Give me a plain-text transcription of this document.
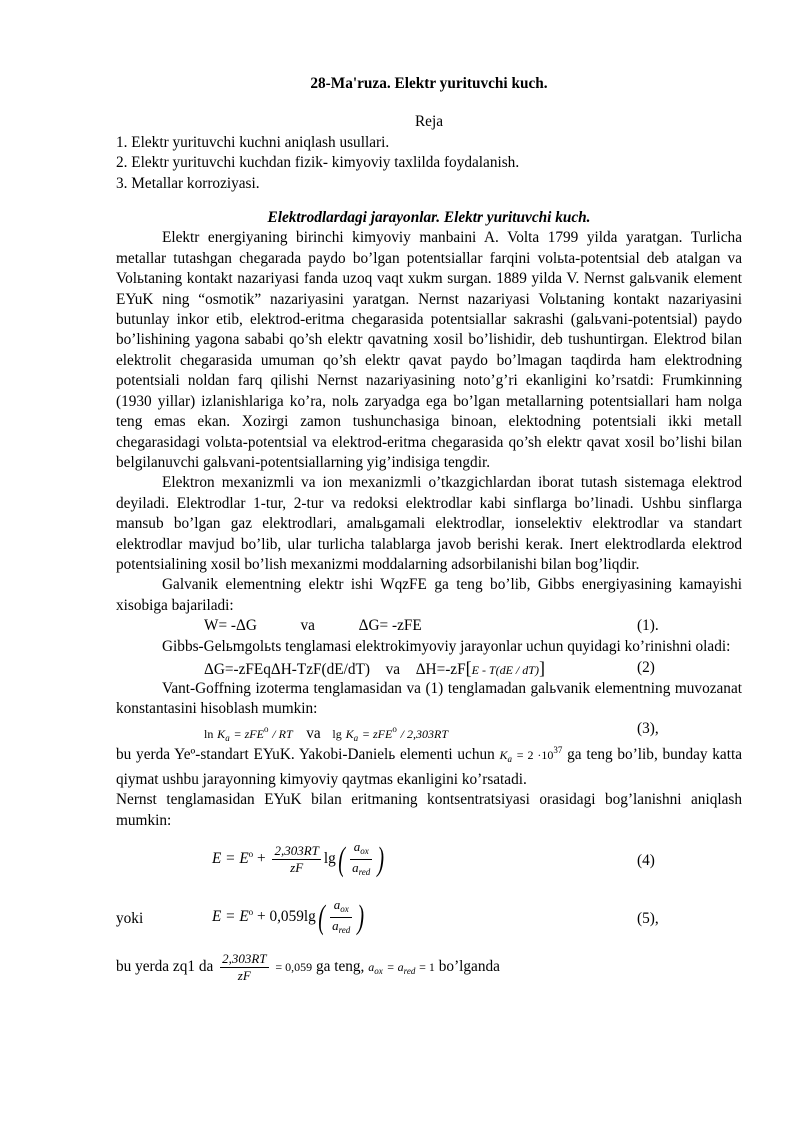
28-Ma'ruza. Elektr yurituvchi kuch.

Reja

1. Elektr yurituvchi kuchni aniqlash usullari.

2. Elektr yurituvchi kuchdan fizik- kimyoviy taxlilda foydalanish.

3. Metallar korroziyasi.

Elektrodlardagi jarayonlar. Elektr yurituvchi kuch.

Elektr energiyaning birinchi kimyoviy manbaini A. Volta 1799 yilda yaratgan. Turlicha metallar tutashgan chegarada paydo bo’lgan potentsiallar farqini volьta-potentsial deb atalgan va Volьtaning kontakt nazariyasi fanda uzoq vaqt xukm surgan. 1889 yilda V. Nernst galьvanik element EYuK ning “osmotik” nazariyasini yaratgan. Nernst nazariyasi Volьtaning kontakt nazariyasini butunlay inkor etib, elektrod-eritma chegarasida potentsiallar sakrashi (galьvani-potentsial) paydo bo’lishining yagona sababi qo’sh elektr qavatning xosil bo’lishidir, deb tushuntirgan. Elektrod bilan elektrolit chegarasida umuman qo’sh elektr qavat paydo bo’lmagan taqdirda ham elektrodning potentsiali noldan farq qilishi Nernst nazariyasining noto’g’ri ekanligini ko’rsatdi: Frumkinning (1930 yillar) izlanishlariga ko’ra, nolь zaryadga ega bo’lgan metallarning potentsiallari ham nolga teng emas ekan. Xozirgi zamon tushunchasiga binoan, elektodning potentsiali ikki metall chegarasidagi volьta-potentsial va elektrod-eritma chegarasida qo’sh elektr qavat xosil bo’lishi bilan belgilanuvchi galьvani-potentsiallarning yig’indisiga tengdir.

Elektron mexanizmli va ion mexanizmli o’tkazgichlardan iborat tutash sistemaga elektrod deyiladi. Elektrodlar 1-tur, 2-tur va redoksi elektrodlar kabi sinflarga bo’linadi. Ushbu sinflarga mansub bo’lgan gaz elektrodlari, amalьgamali elektrodlar, ionselektiv elektrodlar va standart elektrodlar mavjud bo’lib, ular turlicha talablarga javob berishi kerak. Inert elektrodlarda elektrod potentsialining xosil bo’lish mexanizmi moddalarning adsorbilanishi bilan bog’liqdir.

Galvanik elementning elektr ishi WqzFE ga teng bo’lib, Gibbs energiyasining kamayishi xisobiga bajariladi:

W= -ΔG	va	ΔG= -zFE	(1).

Gibbs-Gelьmgolьts tenglamasi elektrokimyoviy jarayonlar uchun quyidagi ko’rinishni oladi:

ΔG=-zFEqΔH-TzF(dE/dT) va ΔH=-zF[E - T(dE / dT)]	(2)

Vant-Goffning izoterma tenglamasidan va (1) tenglamadan galьvanik elementning muvozanat konstantasini hisoblash mumkin:

$\ln K_a = zFE^o$ / RT va $\lg K_a = zFE^o / 2,303RT$	(3),

bu yerda Yeº-standart EYuK. Yakobi-Danielь elementi uchun $K_a = 2 \cdot 10^{37}$ ga teng bo’lib, bunday katta qiymat ushbu jarayonning kimyoviy qaytmas ekanligini ko’rsatadi.

Nernst tenglamasidan EYuK bilan eritmaning kontsentratsiyasi orasidagi bog’lanishni aniqlash mumkin:

$E = E^o + \frac{2,303RT}{zF} \lg( \frac{a_{ox}}{a_{red}}$ )	(4)
yoki	$E = E^o + 0,059\lg( \frac{a_{ox}}{a_{red}}$ )	(5),
bu yerda zq1 da $\frac{2,303RT}{zF} = 0,059$ ga teng, $a_{ox} = a_{red} = 1$ bo’lganda
